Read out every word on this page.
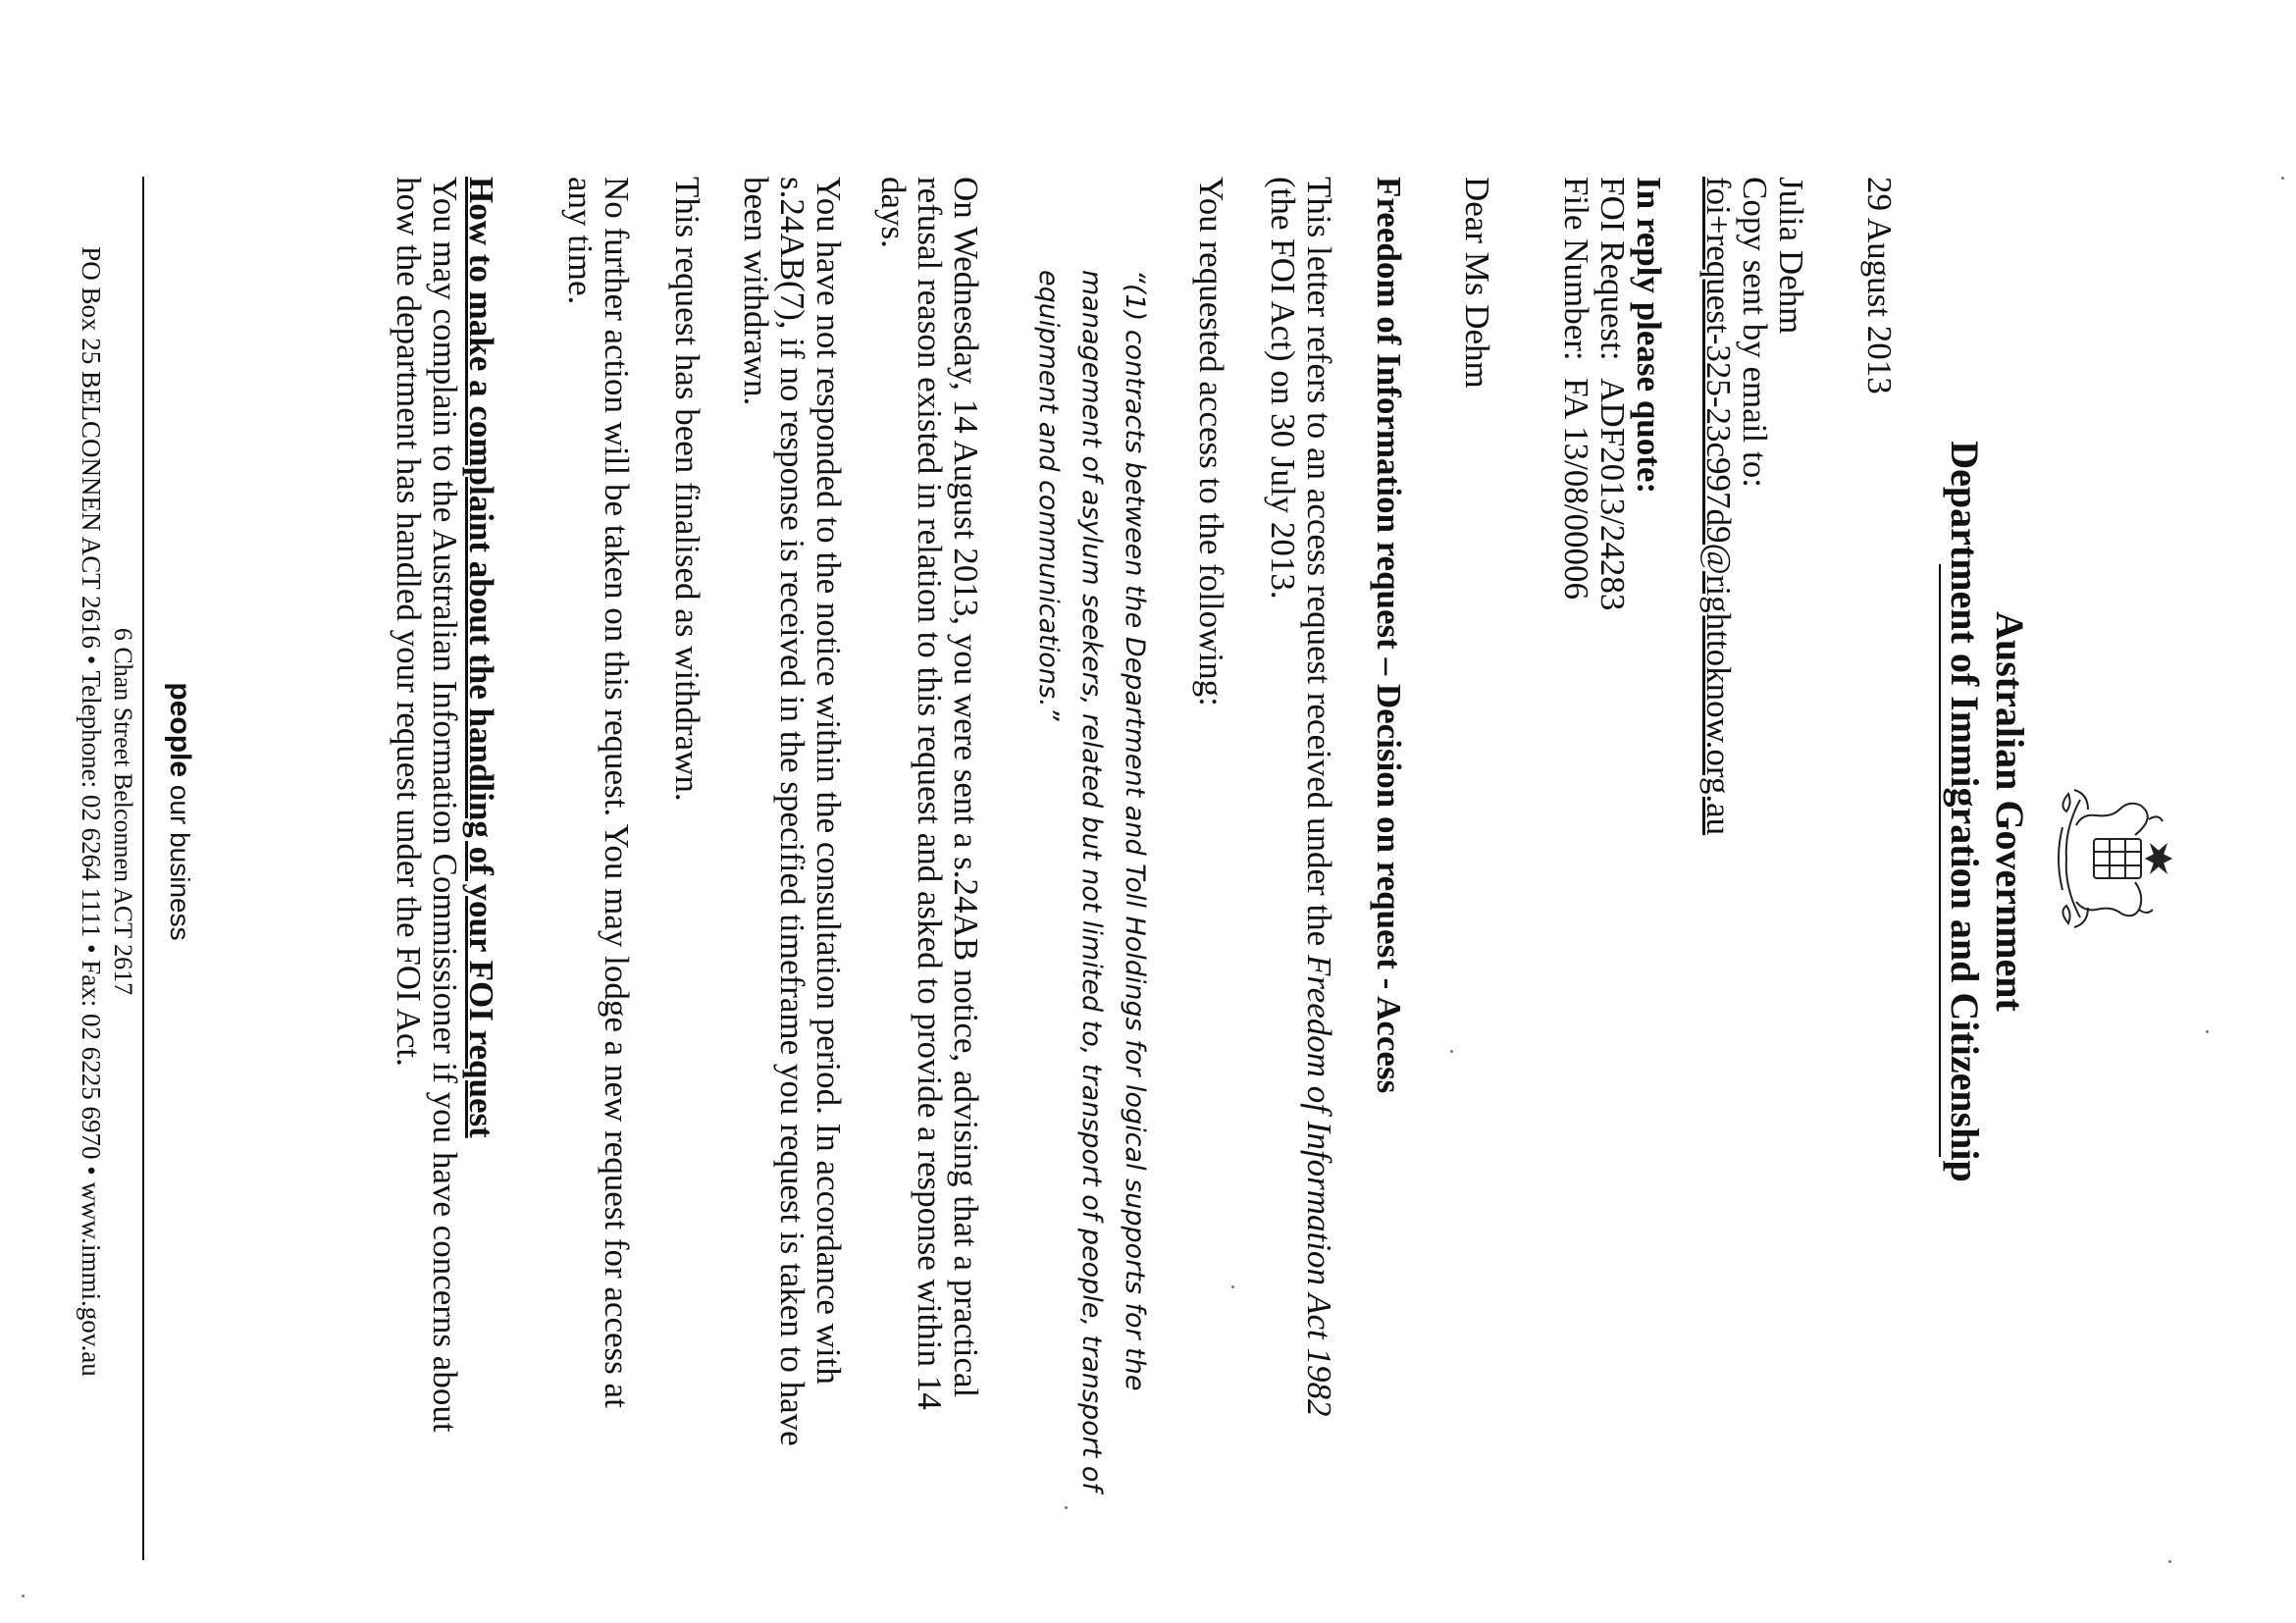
Australian Government
Department of Immigration and Citizenship
29 August 2013
Julia Dehm
Copy sent by email to:
foi+request-325-23c997d9@righttoknow.org.au
In reply please quote:
FOI Request:  ADF2013/24283
File Number:  FA 13/08/00006
Dear Ms Dehm
Freedom of Information request – Decision on request - Access
This letter refers to an access request received under the Freedom of Information Act 1982
(the FOI Act) on 30 July 2013.
You requested access to the following:
“(1) contracts between the Department and Toll Holdings for logical supports for the
management of asylum seekers, related but not limited to, transport of people, transport of
equipment and communications.”
On Wednesday, 14 August 2013, you were sent a s.24AB notice, advising that a practical
refusal reason existed in relation to this request and asked to provide a response within 14
days.
You have not responded to the notice within the consultation period. In accordance with
s.24AB(7), if no response is received in the specified timeframe you request is taken to have
been withdrawn.
This request has been finalised as withdrawn.
No further action will be taken on this request. You may lodge a new request for access at
any time.
How to make a complaint about the handling of your FOI request
You may complain to the Australian Information Commissioner if you have concerns about
how the department has handled your request under the FOI Act.
people our business
6 Chan Street Belconnen ACT 2617
PO Box 25 BELCONNEN ACT 2616 • Telephone: 02 6264 1111 • Fax: 02 6225 6970 • www.immi.gov.au
